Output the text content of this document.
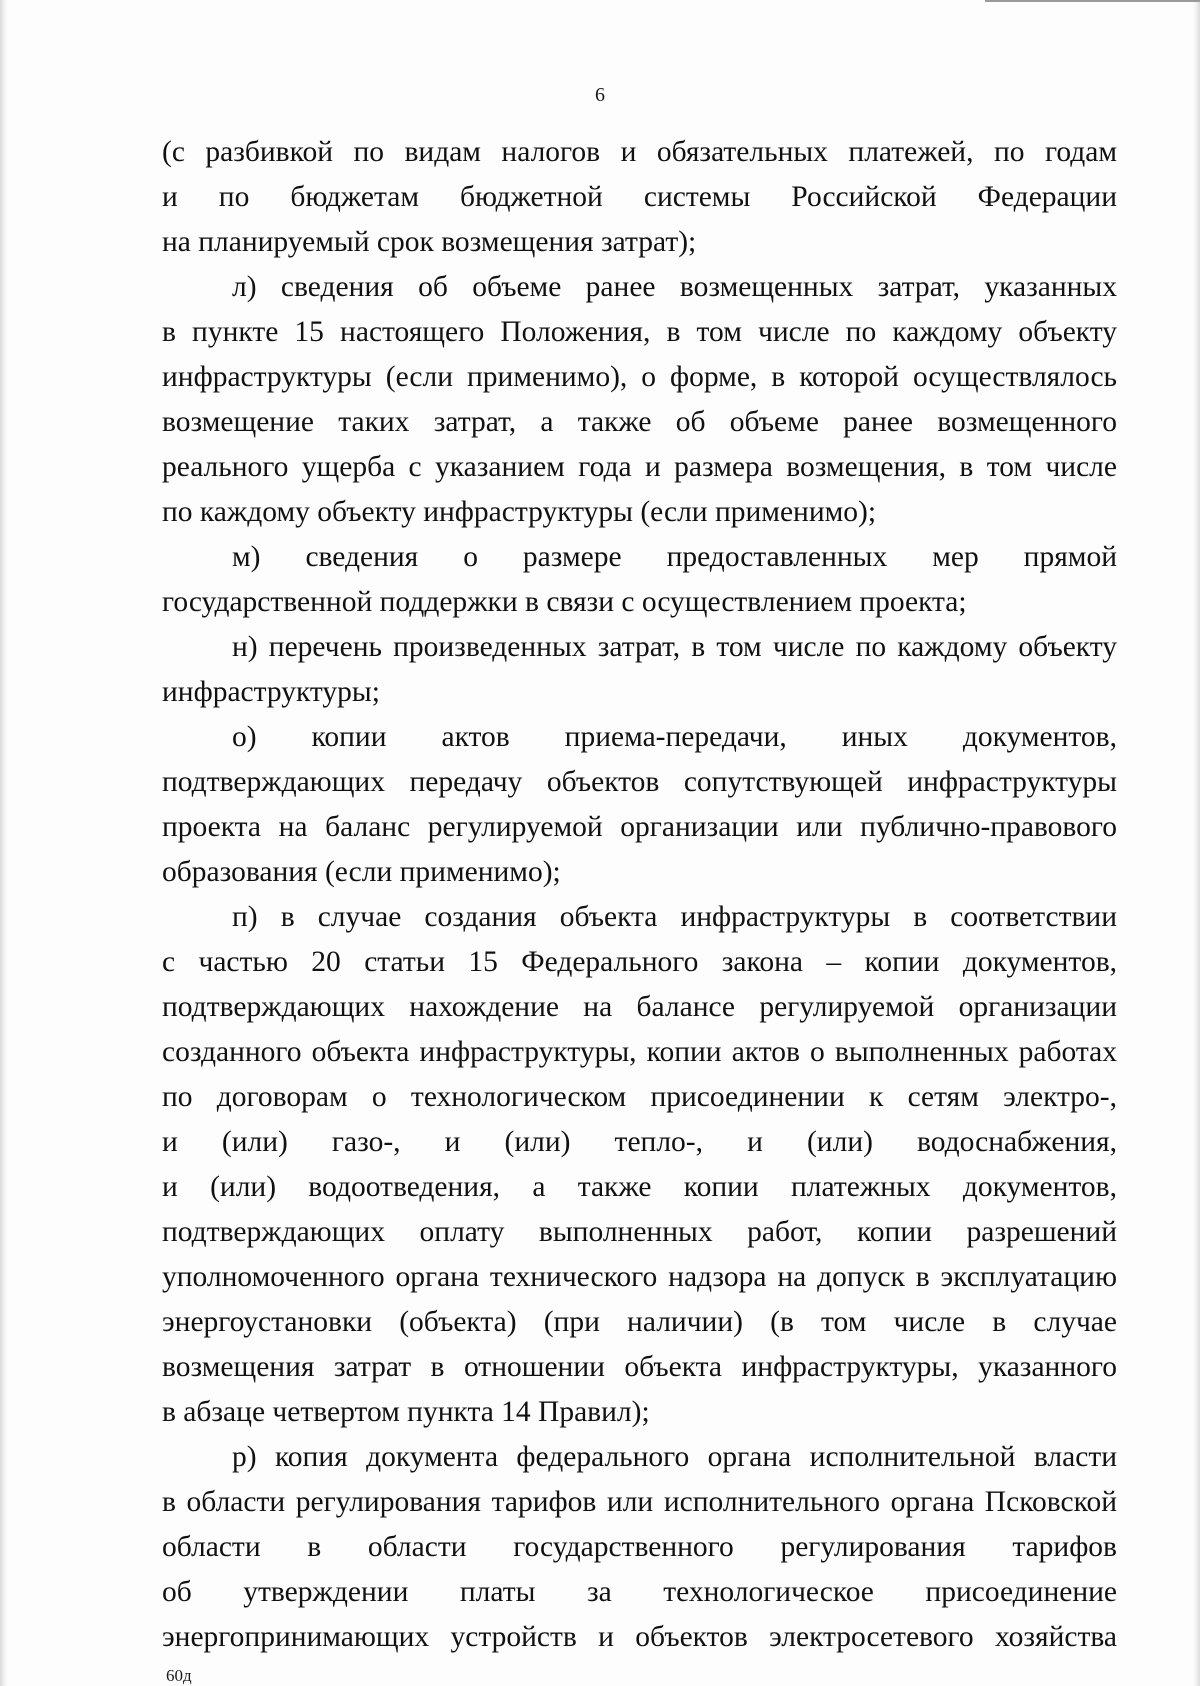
6
(с разбивкой по видам налогов и обязательных платежей, по годам
и по бюджетам бюджетной системы Российской Федерации
на планируемый срок возмещения затрат);
л) сведения об объеме ранее возмещенных затрат, указанных
в пункте 15 настоящего Положения, в том числе по каждому объекту
инфраструктуры (если применимо), о форме, в которой осуществлялось
возмещение таких затрат, а также об объеме ранее возмещенного
реального ущерба с указанием года и размера возмещения, в том числе
по каждому объекту инфраструктуры (если применимо);
м) сведения о размере предоставленных мер прямой
государственной поддержки в связи с осуществлением проекта;
н) перечень произведенных затрат, в том числе по каждому объекту
инфраструктуры;
о) копии актов приема-передачи, иных документов,
подтверждающих передачу объектов сопутствующей инфраструктуры
проекта на баланс регулируемой организации или публично-правового
образования (если применимо);
п) в случае создания объекта инфраструктуры в соответствии
с частью 20 статьи 15 Федерального закона – копии документов,
подтверждающих нахождение на балансе регулируемой организации
созданного объекта инфраструктуры, копии актов о выполненных работах
по договорам о технологическом присоединении к сетям электро-,
и (или) газо-, и (или) тепло-, и (или) водоснабжения,
и (или) водоотведения, а также копии платежных документов,
подтверждающих оплату выполненных работ, копии разрешений
уполномоченного органа технического надзора на допуск в эксплуатацию
энергоустановки (объекта) (при наличии) (в том числе в случае
возмещения затрат в отношении объекта инфраструктуры, указанного
в абзаце четвертом пункта 14 Правил);
р) копия документа федерального органа исполнительной власти
в области регулирования тарифов или исполнительного органа Псковской
области в области государственного регулирования тарифов
об утверждении платы за технологическое присоединение
энергопринимающих устройств и объектов электросетевого хозяйства
60д
